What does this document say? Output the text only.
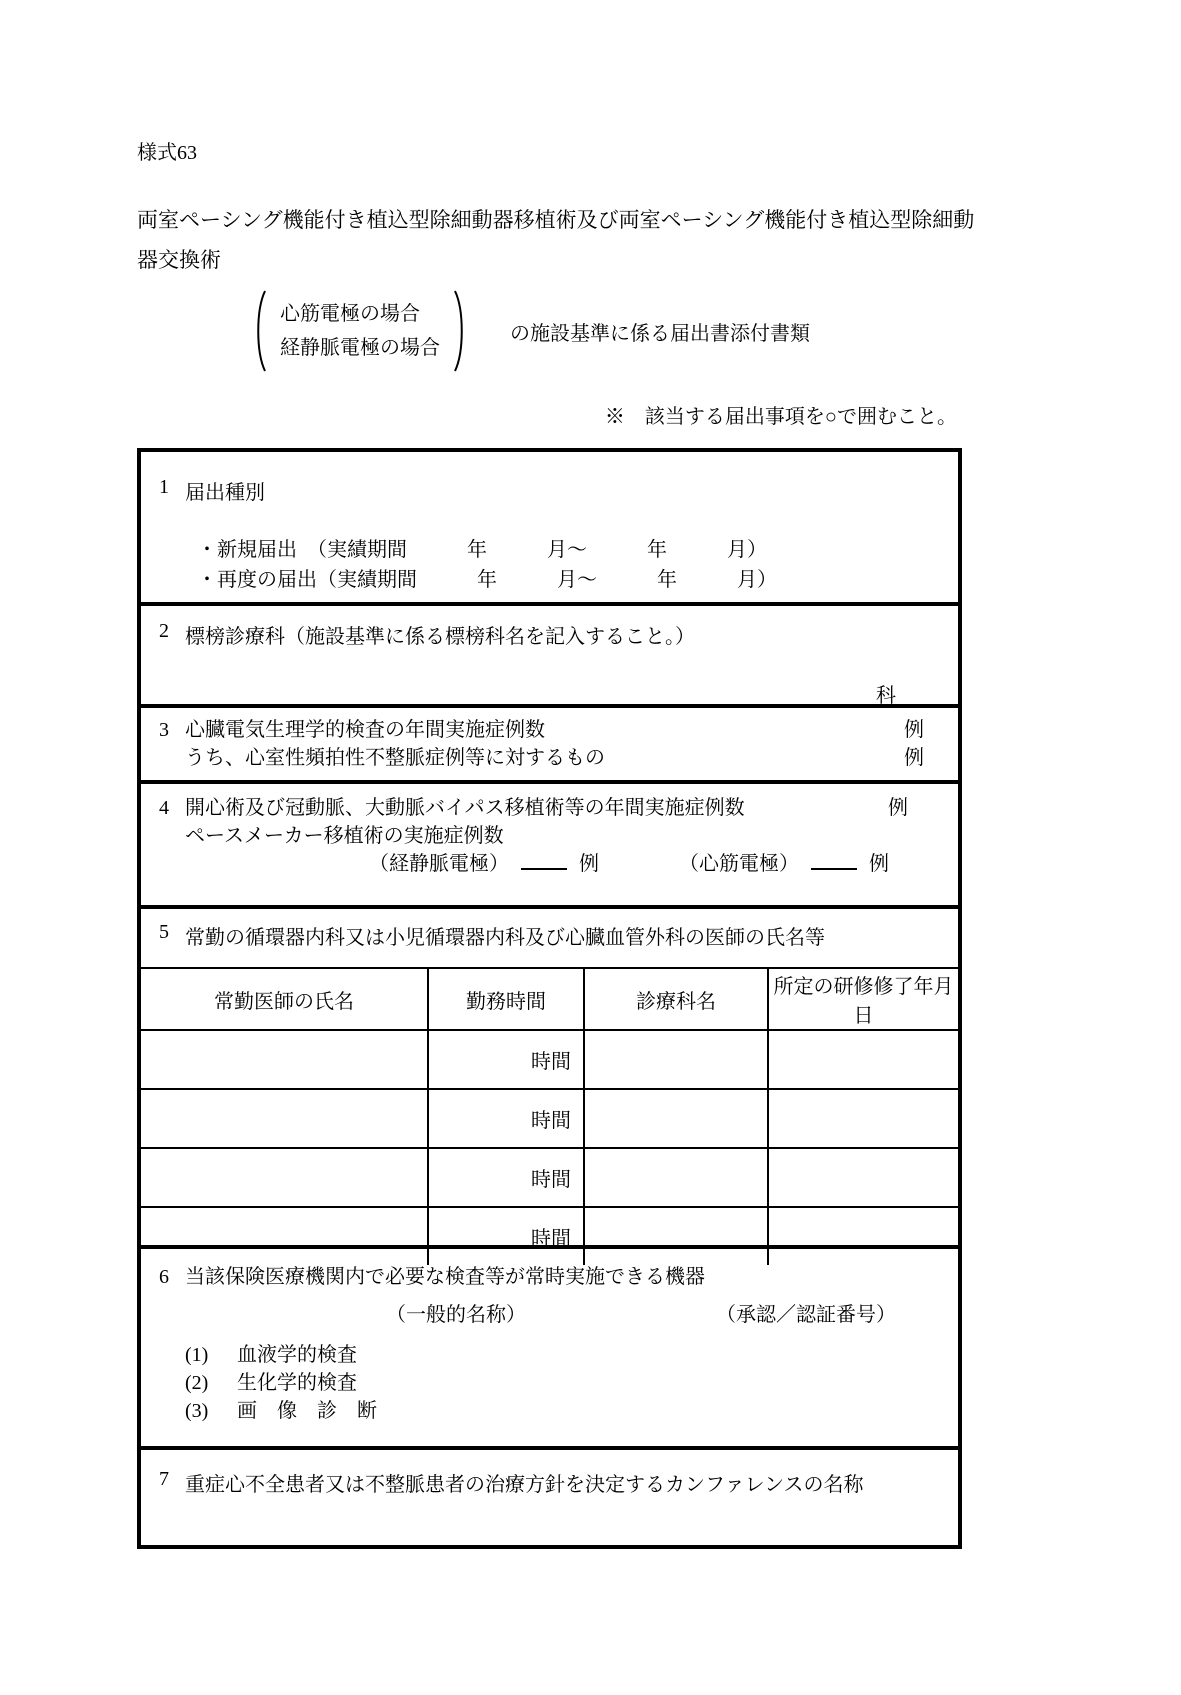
様式63
両室ペーシング機能付き植込型除細動器移植術及び両室ペーシング機能付き植込型除細動
器交換術
心筋電極の場合
経静脈電極の場合
の施設基準に係る届出書添付書類
※　該当する届出事項を○で囲むこと。
1 届出種別
・新規届出　（実績期間　　　年　　　月～　　　年　　　月）
・再度の届出（実績期間　　　年　　　月～　　　年　　　月）
2 標榜診療科（施設基準に係る標榜科名を記入すること。）
科
3 心臓電気生理学的検査の年間実施症例数	例
うち、心室性頻拍性不整脈症例等に対するもの	例
4 開心術及び冠動脈、大動脈バイパス移植術等の年間実施症例数	例
ペースメーカー移植術の実施症例数
（経静脈電極）	例	（心筋電極）	例
5 常勤の循環器内科又は小児循環器内科及び心臓血管外科の医師の氏名等
常勤医師の氏名	勤務時間	診療科名	所定の研修修了年月日
	時間		
	時間		
	時間		
	時間		
6 当該保険医療機関内で必要な検査等が常時実施できる機器
（一般的名称）	（承認／認証番号）
(1)	血液学的検査
(2)	生化学的検査
(3)	画　像　診　断
7 重症心不全患者又は不整脈患者の治療方針を決定するカンファレンスの名称
